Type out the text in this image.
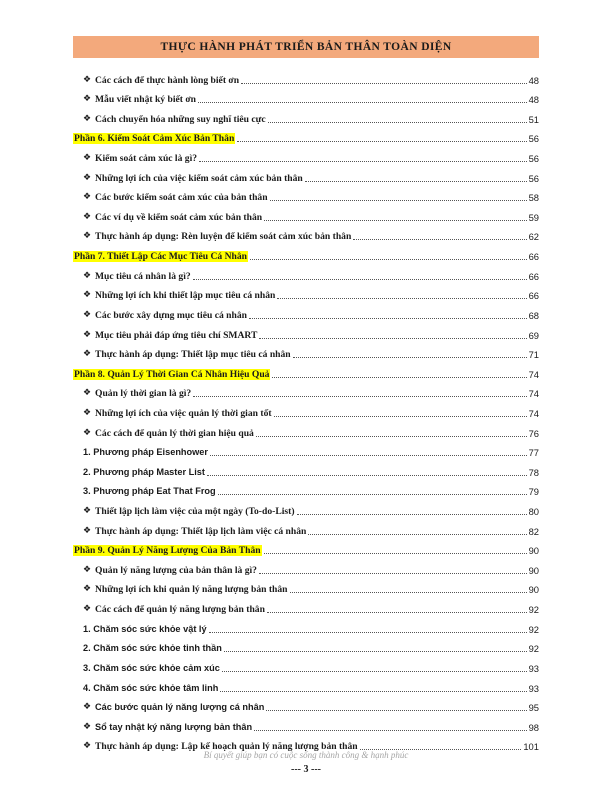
THỰC HÀNH PHÁT TRIỂN BẢN THÂN TOÀN DIỆN
❖ Các cách để thực hành lòng biết ơn	48
❖ Mẫu viết nhật ký biết ơn	48
❖ Cách chuyển hóa những suy nghĩ tiêu cực	51
Phần 6. Kiểm Soát Cảm Xúc Bản Thân	56
❖ Kiểm soát cảm xúc là gì?	56
❖ Những lợi ích của việc kiểm soát cảm xúc bản thân	56
❖ Các bước kiểm soát cảm xúc của bản thân	58
❖ Các ví dụ về kiểm soát cảm xúc bản thân	59
❖ Thực hành áp dụng: Rèn luyện để kiểm soát cảm xúc bản thân	62
Phần 7. Thiết Lập Các Mục Tiêu Cá Nhân	66
❖ Mục tiêu cá nhân là gì?	66
❖ Những lợi ích khi thiết lập mục tiêu cá nhân	66
❖ Các bước xây dựng mục tiêu cá nhân	68
❖ Mục tiêu phải đáp ứng tiêu chí SMART	69
❖ Thực hành áp dụng: Thiết lập mục tiêu cá nhân	71
Phần 8. Quản Lý Thời Gian Cá Nhân Hiệu Quả	74
❖ Quản lý thời gian là gì?	74
❖ Những lợi ích của việc quản lý thời gian tốt	74
❖ Các cách để quản lý thời gian hiệu quả	76
1. Phương pháp Eisenhower	77
2. Phương pháp Master List	78
3. Phương pháp Eat That Frog	79
❖ Thiết lập lịch làm việc của một ngày (To-do-List)	80
❖ Thực hành áp dụng: Thiết lập lịch làm việc cá nhân	82
Phần 9. Quản Lý Năng Lượng Của Bản Thân	90
❖ Quản lý năng lượng của bản thân là gì?	90
❖ Những lợi ích khi quản lý năng lượng bản thân	90
❖ Các cách để quản lý năng lượng bản thân	92
1. Chăm sóc sức khỏe vật lý	92
2. Chăm sóc sức khỏe tinh thần	92
3. Chăm sóc sức khỏe cảm xúc	93
4. Chăm sóc sức khỏe tâm linh	93
❖ Các bước quản lý năng lượng cá nhân	95
❖ Sổ tay nhật ký năng lượng bản thân	98
❖ Thực hành áp dụng: Lập kế hoạch quản lý năng lượng bản thân	101
Bí quyết giúp bạn có cuộc sống thành công & hạnh phúc
--- 3 ---
